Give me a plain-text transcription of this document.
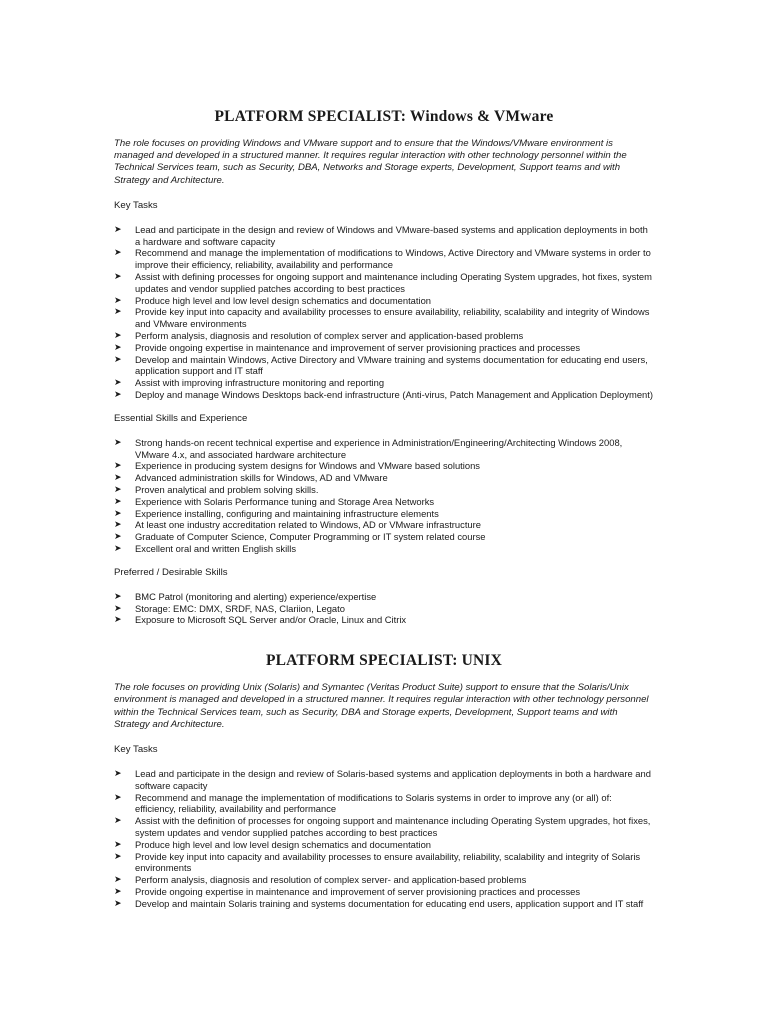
PLATFORM SPECIALIST: Windows & VMware

The role focuses on providing Windows and VMware support and to ensure that the Windows/VMware environment is managed and developed in a structured manner. It requires regular interaction with other technology personnel within the Technical Services team, such as Security, DBA, Networks and Storage experts, Development, Support teams and with Strategy and Architecture.

Key Tasks
➤ Lead and participate in the design and review of Windows and VMware-based systems and application deployments in both a hardware and software capacity
➤ Recommend and manage the implementation of modifications to Windows, Active Directory and VMware systems in order to improve their efficiency, reliability, availability and performance
➤ Assist with defining processes for ongoing support and maintenance including Operating System upgrades, hot fixes, system updates and vendor supplied patches according to best practices
➤ Produce high level and low level design schematics and documentation
➤ Provide key input into capacity and availability processes to ensure availability, reliability, scalability and integrity of Windows and VMware environments
➤ Perform analysis, diagnosis and resolution of complex server and application-based problems
➤ Provide ongoing expertise in maintenance and improvement of server provisioning practices and processes
➤ Develop and maintain Windows, Active Directory and VMware training and systems documentation for educating end users, application support and IT staff
➤ Assist with improving infrastructure monitoring and reporting
➤ Deploy and manage Windows Desktops back-end infrastructure (Anti-virus, Patch Management and Application Deployment)
Essential Skills and Experience
➤ Strong hands-on recent technical expertise and experience in Administration/Engineering/Architecting Windows 2008, VMware 4.x, and associated hardware architecture
➤ Experience in producing system designs for Windows and VMware based solutions
➤ Advanced administration skills for Windows, AD and VMware
➤ Proven analytical and problem solving skills.
➤ Experience with Solaris Performance tuning and Storage Area Networks
➤ Experience installing, configuring and maintaining infrastructure elements
➤ At least one industry accreditation related to Windows, AD or VMware infrastructure
➤ Graduate of Computer Science, Computer Programming or IT system related course
➤ Excellent oral and written English skills
Preferred / Desirable Skills
➤ BMC Patrol (monitoring and alerting) experience/expertise
➤ Storage: EMC: DMX, SRDF, NAS, Clariion, Legato
➤ Exposure to Microsoft SQL Server and/or Oracle, Linux and Citrix
PLATFORM SPECIALIST: UNIX

The role focuses on providing Unix (Solaris) and Symantec (Veritas Product Suite) support to ensure that the Solaris/Unix environment is managed and developed in a structured manner. It requires regular interaction with other technology personnel within the Technical Services team, such as Security, DBA and Storage experts, Development, Support teams and with Strategy and Architecture.

Key Tasks
➤ Lead and participate in the design and review of Solaris-based systems and application deployments in both a hardware and software capacity
➤ Recommend and manage the implementation of modifications to Solaris systems in order to improve any (or all) of: efficiency, reliability, availability and performance
➤ Assist with the definition of processes for ongoing support and maintenance including Operating System upgrades, hot fixes, system updates and vendor supplied patches according to best practices
➤ Produce high level and low level design schematics and documentation
➤ Provide key input into capacity and availability processes to ensure availability, reliability, scalability and integrity of Solaris environments
➤ Perform analysis, diagnosis and resolution of complex server- and application-based problems
➤ Provide ongoing expertise in maintenance and improvement of server provisioning practices and processes
➤ Develop and maintain Solaris training and systems documentation for educating end users, application support and IT staff
